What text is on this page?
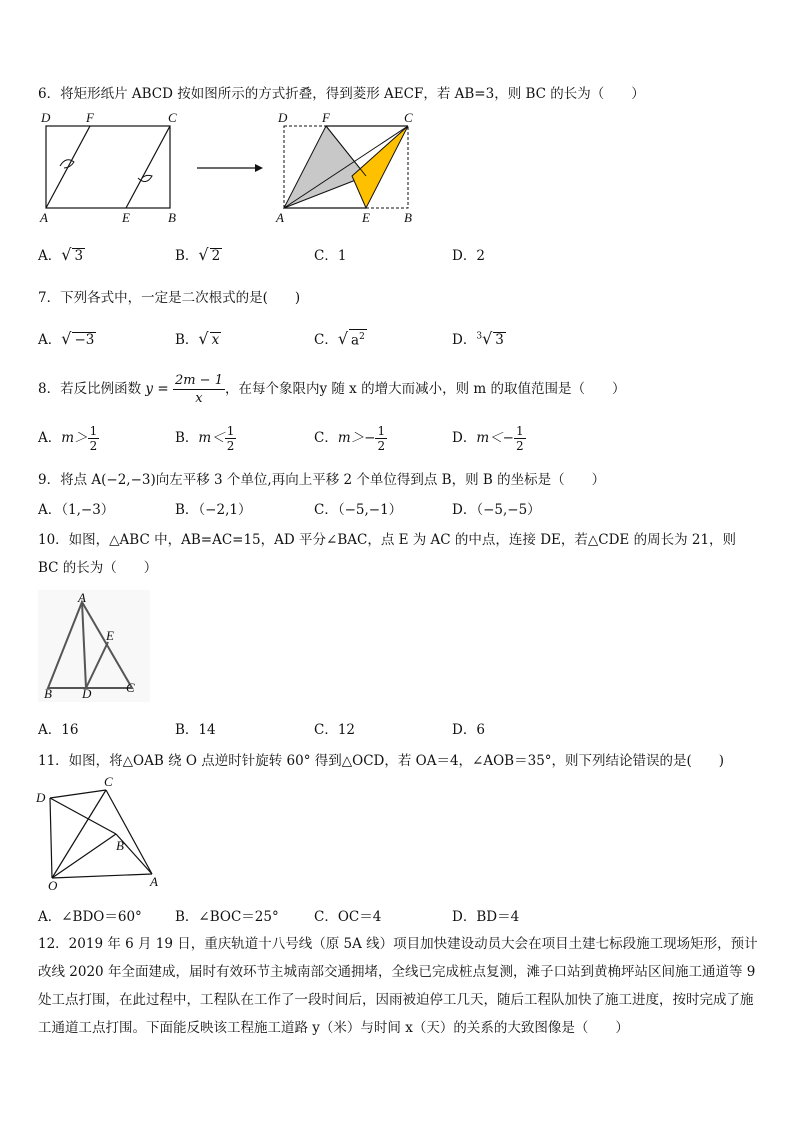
6．将矩形纸片 ABCD 按如图所示的方式折叠，得到菱形 AECF，若 AB=3，则 BC 的长为（　　）
D	F	C
A	E	B
D	F	C
A	E	B
A．√ 3	B．√ 2	C．1	D．2
7．下列各式中，一定是二次根式的是(　　)
A．√ −3	B．√ x	C．√ $a^2$	D．$^3$√ 3
8．若反比例函数 $y = \frac{2m - 1}{x}$ ，在每个象限内y 随 x 的增大而减小，则 m 的取值范围是（　　）
A．$m> \frac{1}{2}$	B．$m< \frac{1}{2}$	C．$m>- \frac{1}{2}$	D．$m<- \frac{1}{2}$
9．将点 A(−2,−3)向左平移 3 个单位,再向上平移 2 个单位得到点 B，则 B 的坐标是（　　）
A．（1,−3）	B．（−2,1）	C．（−5,−1）	D．（−5,−5）
10．如图，△ABC 中，AB=AC=15，AD 平分∠BAC，点 E 为 AC 的中点，连接 DE，若△CDE 的周长为 21，则 BC 的长为（　　）
A
E
B D	C
A．16	B．14	C．12	D．6
11．如图，将△OAB 绕 O 点逆时针旋转 60° 得到△OCD，若 OA＝4，∠AOB＝35°，则下列结论错误的是(　　)
C
D
B
O	A
A．∠BDO＝60° B．∠BOC＝25°	C．OC＝4	D．BD＝4
12．2019 年 6 月 19 日，重庆轨道十八号线（原 5A 线）项目加快建设动员大会在项目土建七标段施工现场矩形，预计改线 2020 年全面建成，届时有效环节主城南部交通拥堵，全线已完成桩点复测，滩子口站到黄桷坪站区间施工通道等 9 处工点打围，在此过程中，工程队在工作了一段时间后，因雨被迫停工几天，随后工程队加快了施工进度，按时完成了施工通道工点打围。下面能反映该工程施工道路 y（米）与时间 x（天）的关系的大致图像是（　　）
